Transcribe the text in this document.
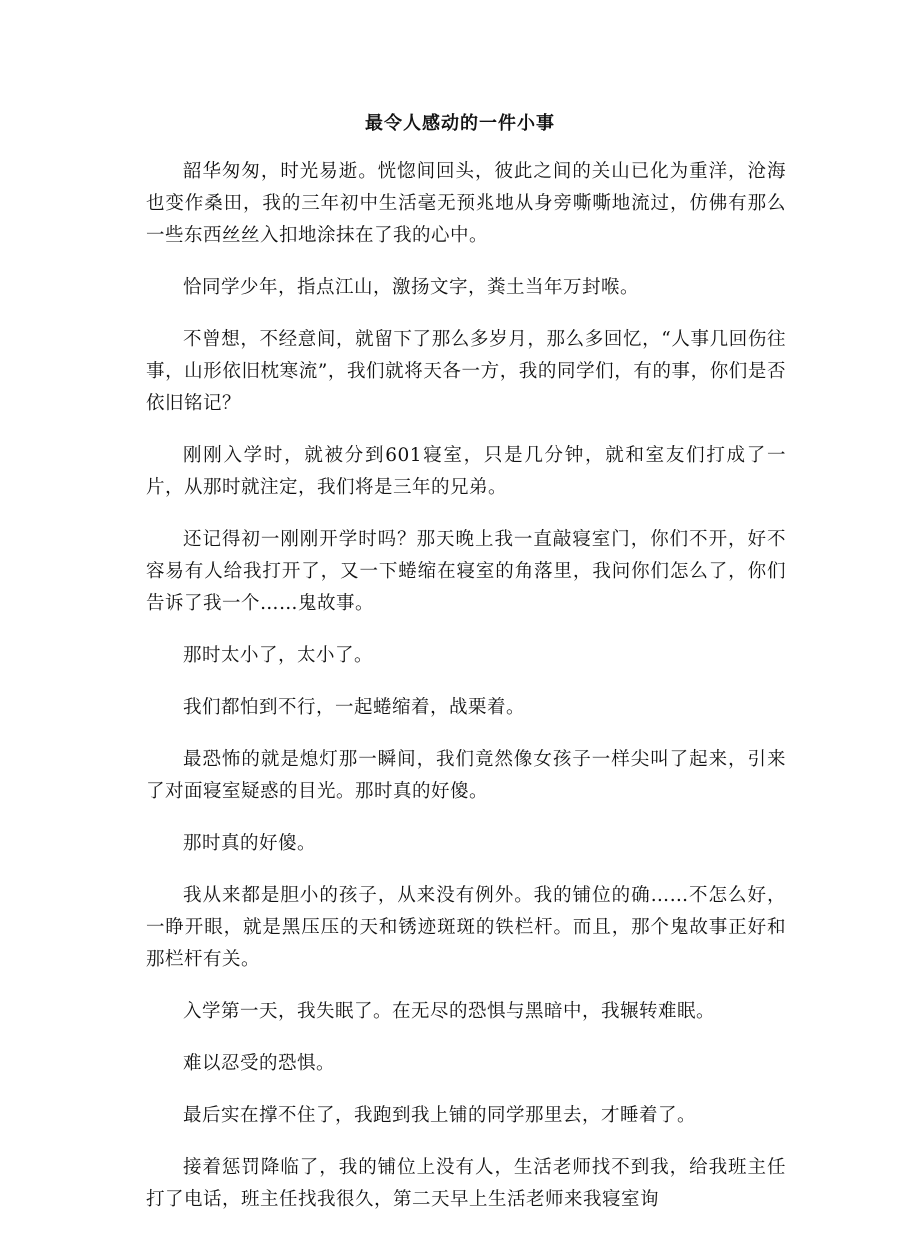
最令人感动的一件小事

韶华匆匆，时光易逝。恍惚间回头，彼此之间的关山已化为重洋，沧海也变作桑田，我的三年初中生活毫无预兆地从身旁嘶嘶地流过，仿佛有那么一些东西丝丝入扣地涂抹在了我的心中。

恰同学少年，指点江山，激扬文字，粪土当年万封喉。

不曾想，不经意间，就留下了那么多岁月，那么多回忆，“人事几回伤往事，山形依旧枕寒流”，我们就将天各一方，我的同学们，有的事，你们是否依旧铭记？

刚刚入学时，就被分到601寝室，只是几分钟，就和室友们打成了一片，从那时就注定，我们将是三年的兄弟。

还记得初一刚刚开学时吗？那天晚上我一直敲寝室门，你们不开，好不容易有人给我打开了，又一下蜷缩在寝室的角落里，我问你们怎么了，你们告诉了我一个……鬼故事。

那时太小了，太小了。

我们都怕到不行，一起蜷缩着，战栗着。

最恐怖的就是熄灯那一瞬间，我们竟然像女孩子一样尖叫了起来，引来了对面寝室疑惑的目光。那时真的好傻。

那时真的好傻。

我从来都是胆小的孩子，从来没有例外。我的铺位的确……不怎么好，一睁开眼，就是黑压压的天和锈迹斑斑的铁栏杆。而且，那个鬼故事正好和那栏杆有关。

入学第一天，我失眠了。在无尽的恐惧与黑暗中，我辗转难眠。

难以忍受的恐惧。

最后实在撑不住了，我跑到我上铺的同学那里去，才睡着了。

接着惩罚降临了，我的铺位上没有人，生活老师找不到我，给我班主任打了电话，班主任找我很久，第二天早上生活老师来我寝室询
